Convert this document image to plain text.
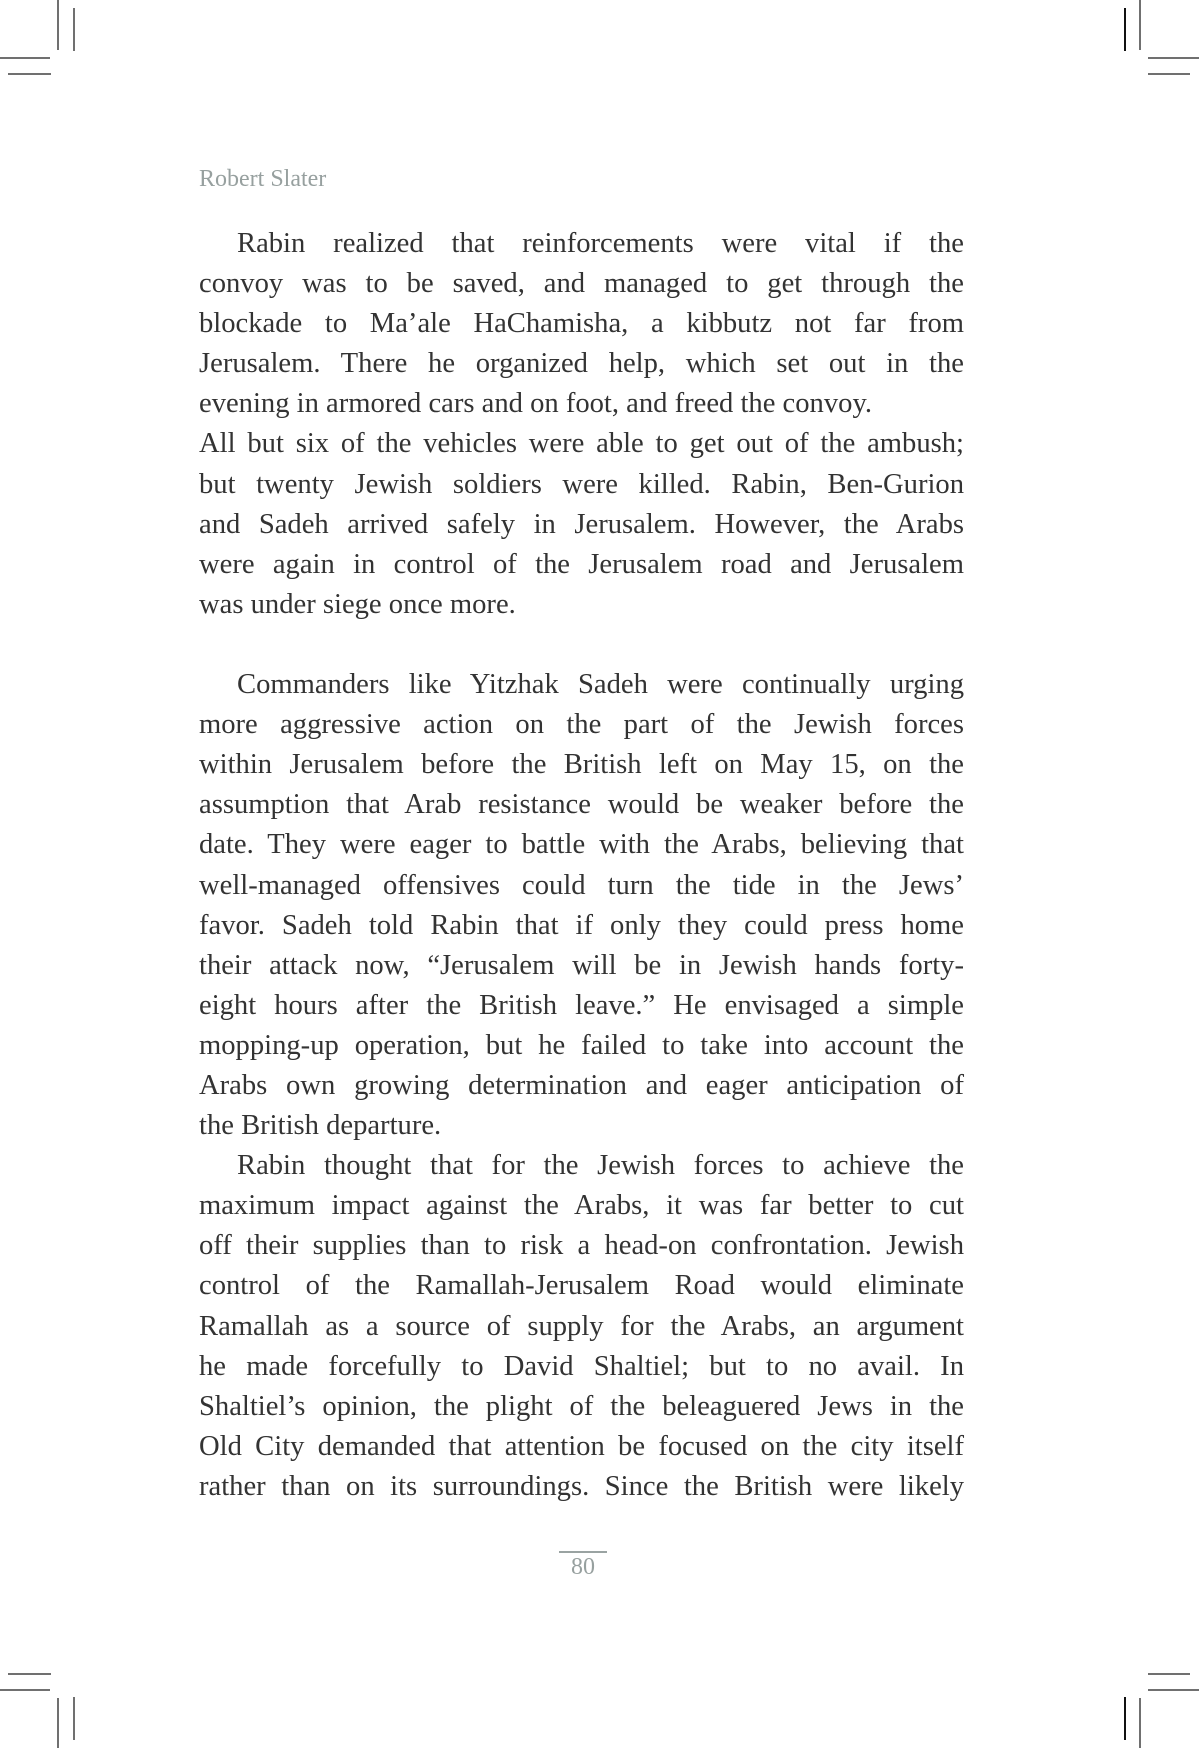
Robert Slater
Rabin realized that reinforcements were vital if the
convoy was to be saved, and managed to get through the
blockade to Ma’ale HaChamisha, a kibbutz not far from
Jerusalem. There he organized help, which set out in the
evening in armored cars and on foot, and freed the convoy.
All but six of the vehicles were able to get out of the ambush;
but twenty Jewish soldiers were killed. Rabin, Ben-Gurion
and Sadeh arrived safely in Jerusalem. However, the Arabs
were again in control of the Jerusalem road and Jerusalem
was under siege once more.
Commanders like Yitzhak Sadeh were continually urging
more aggressive action on the part of the Jewish forces
within Jerusalem before the British left on May 15, on the
assumption that Arab resistance would be weaker before the
date. They were eager to battle with the Arabs, believing that
well-managed offensives could turn the tide in the Jews’
favor. Sadeh told Rabin that if only they could press home
their attack now, “Jerusalem will be in Jewish hands forty-
eight hours after the British leave.” He envisaged a simple
mopping-up operation, but he failed to take into account the
Arabs own growing determination and eager anticipation of
the British departure.
Rabin thought that for the Jewish forces to achieve the
maximum impact against the Arabs, it was far better to cut
off their supplies than to risk a head-on confrontation. Jewish
control of the Ramallah-Jerusalem Road would eliminate
Ramallah as a source of supply for the Arabs, an argument
he made forcefully to David Shaltiel; but to no avail. In
Shaltiel’s opinion, the plight of the beleaguered Jews in the
Old City demanded that attention be focused on the city itself
rather than on its surroundings. Since the British were likely
80
